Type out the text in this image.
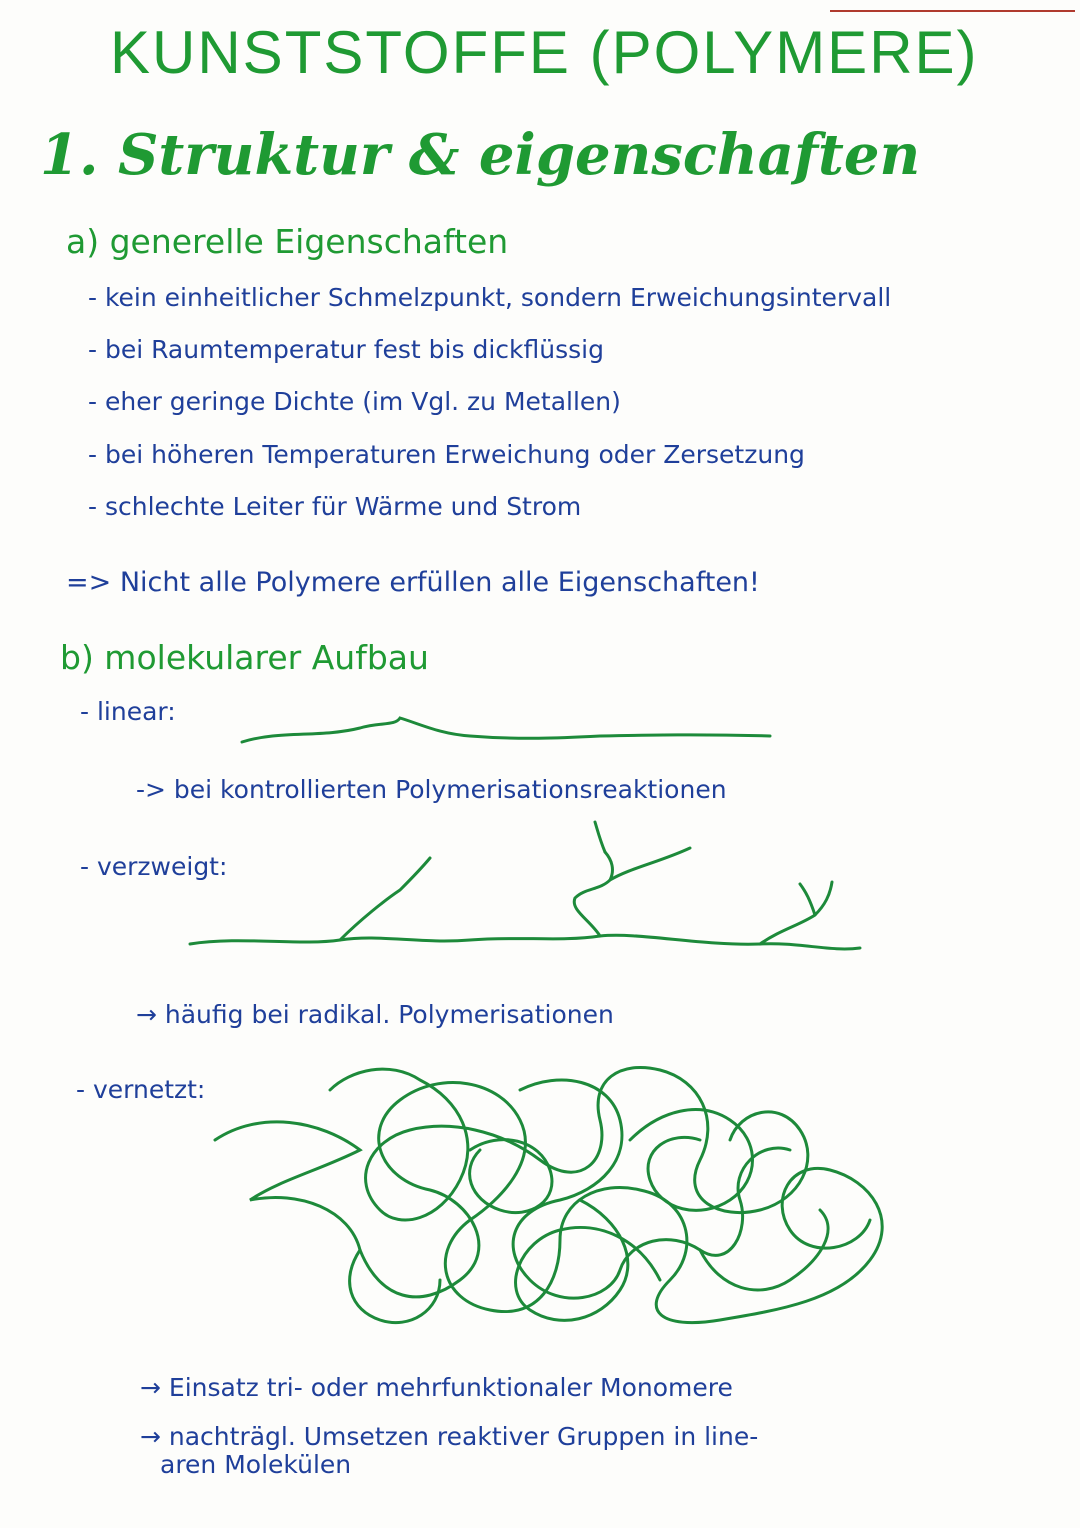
KUNSTSTOFFE (POLYMERE)
1. Struktur & eigenschaften
a) generelle Eigenschaften
- kein einheitlicher Schmelzpunkt, sondern Erweichungsintervall
- bei Raumtemperatur fest bis dickflüssig
- eher geringe Dichte (im Vgl. zu Metallen)
- bei höheren Temperaturen Erweichung oder Zersetzung
- schlechte Leiter für Wärme und Strom
=> Nicht alle Polymere erfüllen alle Eigenschaften!
b) molekularer Aufbau
- linear:
-> bei kontrollierten Polymerisationsreaktionen
- verzweigt:
→ häufig bei radikal. Polymerisationen
- vernetzt:
→ Einsatz tri- oder mehrfunktionaler Monomere
→ nachträgl. Umsetzen reaktiver Gruppen in line-
aren Molekülen
